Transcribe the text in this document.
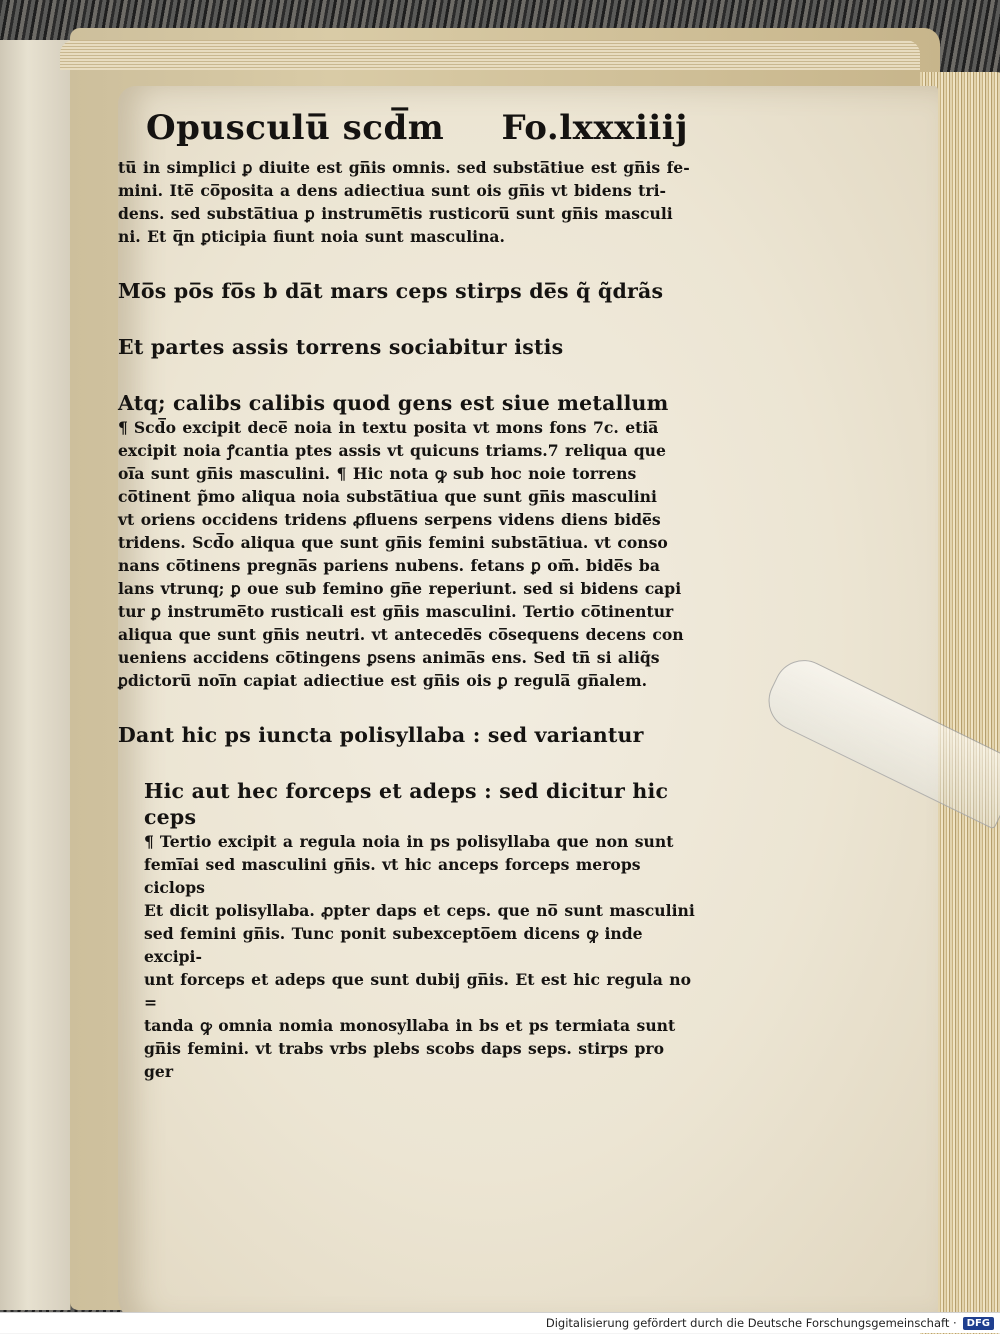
Opusculu̅ scd̅m Fo.lxxxiiij

tu̅ in simplici ꝑ diuite est gn̅is omnis. sed substa̅tiue est gn̅is fe-

mini. Ite̅ co̅posita a dens adiectiua sunt ois gn̅is vt bidens tri-

dens. sed substa̅tiua ꝑ instrume̅tis rusticoru̅ sunt gn̅is masculi

ni. Et q̅n ꝑticipia fiunt noia sunt masculina.

Mo̅s po̅s fo̅s b da̅t mars ceps stirps de̅s q̃ q̃drãs

Et partes assis torrens sociabitur istis

Atq; calibs calibis quod gens est siue metallum

¶ Scd̅o excipit dece̅ noia in textu posita vt mons fons 7c. etia̅

excipit noia ꝭcantia ptes assis vt quicuns triams.7 reliqua que

oi̅a sunt gn̅is masculini. ¶ Hic nota ꝙ sub hoc noie torrens

co̅tinent p̃mo aliqua noia substa̅tiua que sunt gn̅is masculini

vt oriens occidens tridens ꝓfluens serpens videns diens bide̅s

tridens. Scd̅o aliqua que sunt gn̅is femini substa̅tiua. vt conso

nans co̅tinens pregna̅s pariens nubens. fetans ꝑ om̅. bide̅s ba

lans vtrunq; ꝑ oue sub femino gn̅e reperiunt. sed si bidens capi

tur ꝑ instrume̅to rusticali est gn̅is masculini. Tertio co̅tinentur

aliqua que sunt gn̅is neutri. vt antecede̅s co̅sequens decens con

ueniens accidens co̅tingens ꝑsens anima̅s ens. Sed tn̅ si aliq̃s

ꝑdictoru̅ noi̅n capiat adiectiue est gn̅is ois ꝑ regula̅ gn̅alem.

Dant hic ps iuncta polisyllaba : sed variantur

Hic aut hec forceps et adeps : sed dicitur hic ceps

¶ Tertio excipit a regula noia in ps polisyllaba que non sunt

femi̅ai sed masculini gn̅is. vt hic anceps forceps merops ciclops

Et dicit polisyllaba. ꝓpter daps et ceps. que no̅ sunt masculini

sed femini gn̅is. Tunc ponit subexcepto̅em dicens ꝙ inde excipi-

unt forceps et adeps que sunt dubij gn̅is. Et est hic regula no =

tanda ꝙ omnia nomia monosyllaba in bs et ps termiata sunt

gn̅is femini. vt trabs vrbs plebs scobs daps seps. stirps pro ger

Digitalisierung gefördert durch die Deutsche Forschungsgemeinschaft ·	DFG
